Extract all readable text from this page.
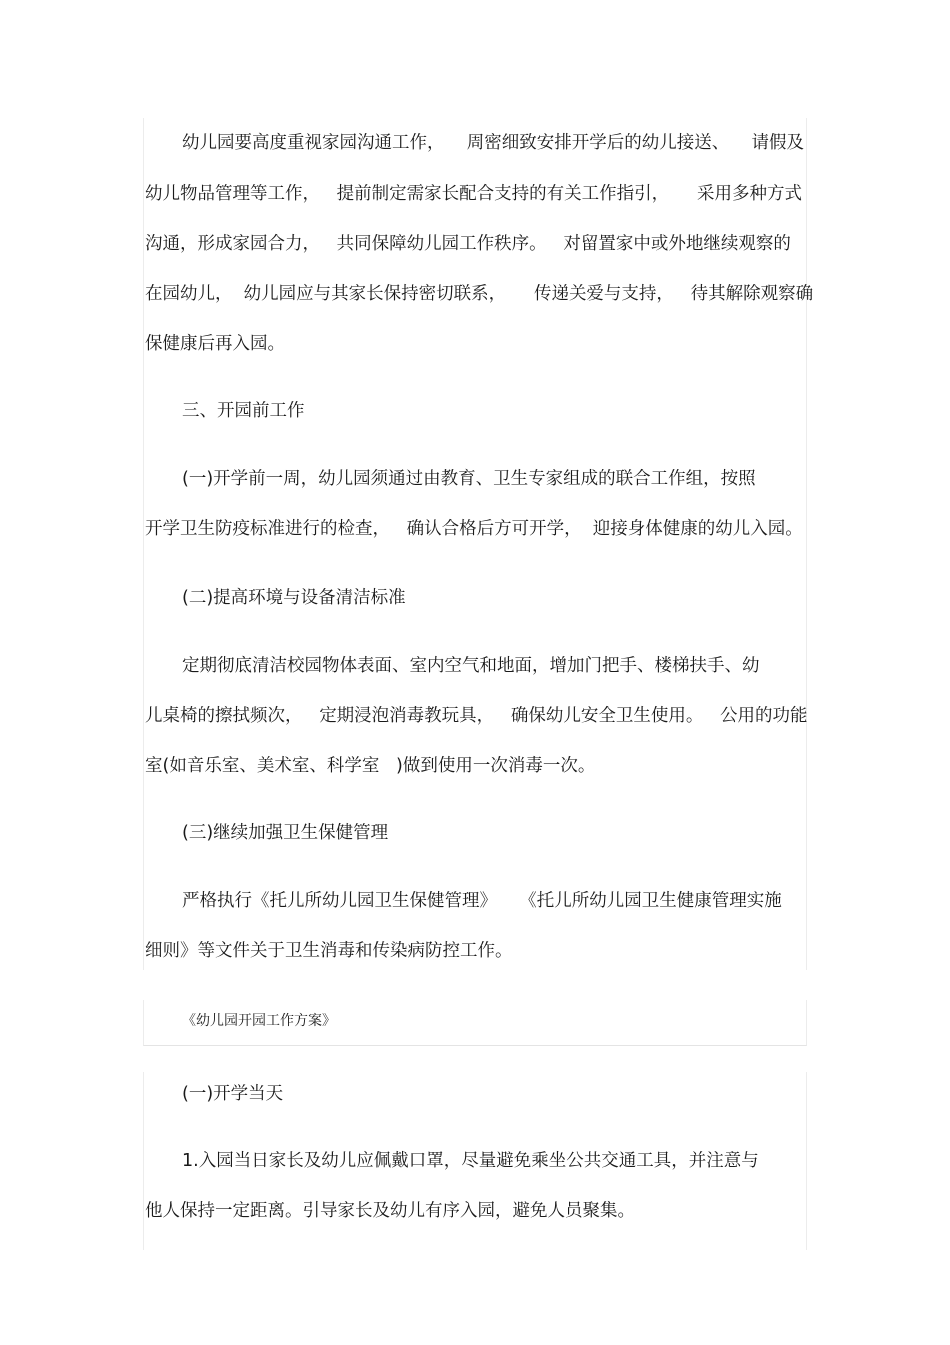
幼儿园要高度重视家园沟通工作，    周密细致安排开学后的幼儿接送、    请假及
幼儿物品管理等工作，   提前制定需家长配合支持的有关工作指引，     采用多种方式
沟通，形成家园合力，   共同保障幼儿园工作秩序。   对留置家中或外地继续观察的
在园幼儿，  幼儿园应与其家长保持密切联系，     传递关爱与支持，   待其解除观察确
保健康后再入园。
三、开园前工作
(一)开学前一周，幼儿园须通过由教育、卫生专家组成的联合工作组，按照
开学卫生防疫标准进行的检查，   确认合格后方可开学，  迎接身体健康的幼儿入园。
(二)提高环境与设备清洁标准
定期彻底清洁校园物体表面、室内空气和地面，增加门把手、楼梯扶手、幼
儿桌椅的擦拭频次，   定期浸泡消毒教玩具，   确保幼儿安全卫生使用。   公用的功能
室(如音乐室、美术室、科学室   )做到使用一次消毒一次。
(三)继续加强卫生保健管理
严格执行《托儿所幼儿园卫生保健管理》    《托儿所幼儿园卫生健康管理实施
细则》等文件关于卫生消毒和传染病防控工作。
《幼儿园开园工作方案》
(一)开学当天
1.入园当日家长及幼儿应佩戴口罩，尽量避免乘坐公共交通工具，并注意与
他人保持一定距离。引导家长及幼儿有序入园，避免人员聚集。
